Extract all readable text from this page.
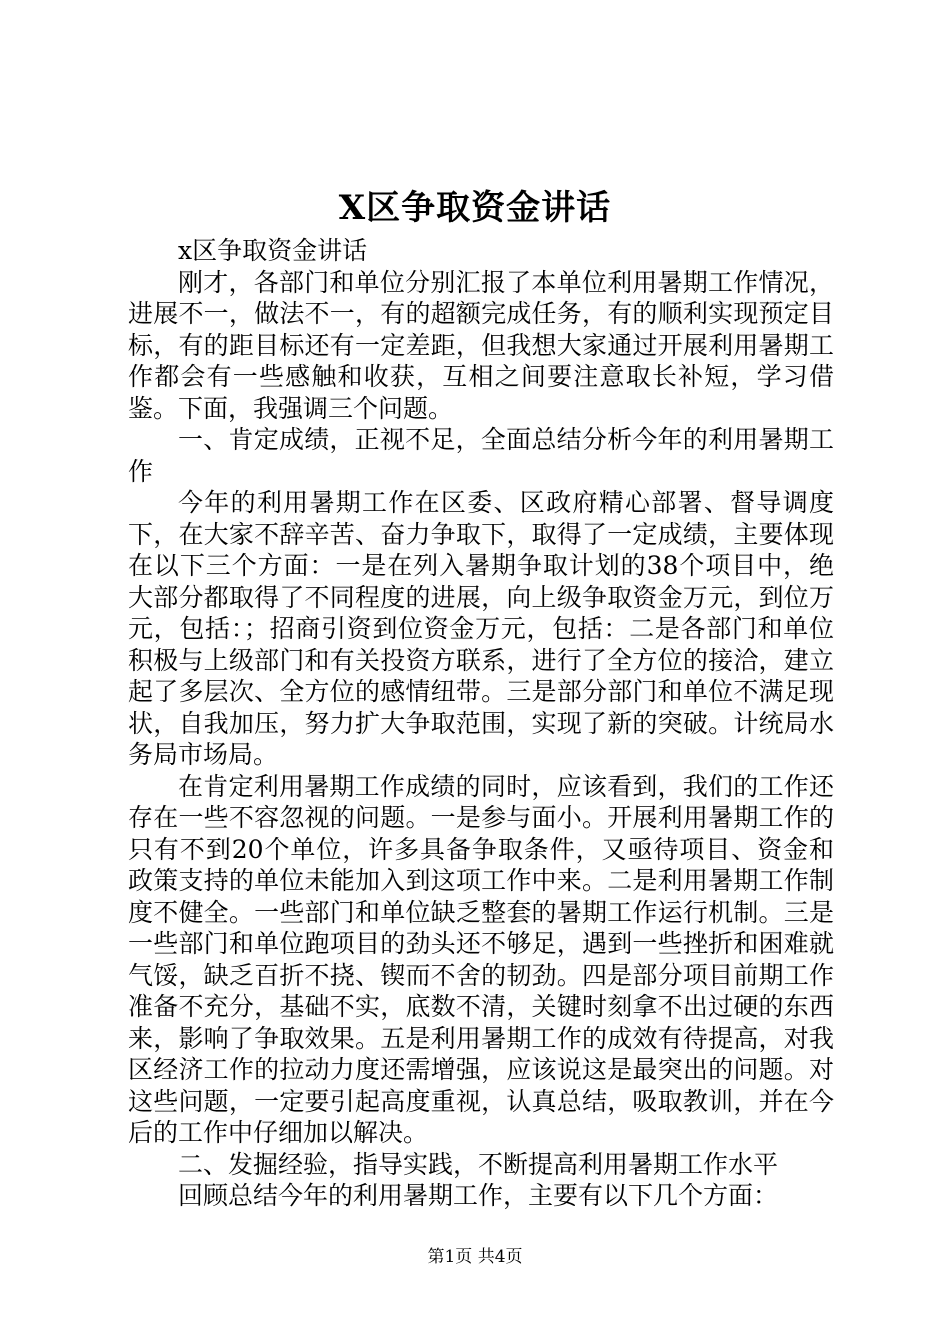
X区争取资金讲话

x区争取资金讲话

刚才，各部门和单位分别汇报了本单位利用暑期工作情况，进展不一，做法不一，有的超额完成任务，有的顺利实现预定目标，有的距目标还有一定差距，但我想大家通过开展利用暑期工作都会有一些感触和收获，互相之间要注意取长补短，学习借鉴。下面，我强调三个问题。

一、肯定成绩，正视不足，全面总结分析今年的利用暑期工作

今年的利用暑期工作在区委、区政府精心部署、督导调度下，在大家不辞辛苦、奋力争取下，取得了一定成绩，主要体现在以下三个方面：一是在列入暑期争取计划的38个项目中，绝大部分都取得了不同程度的进展，向上级争取资金万元，到位万元，包括：；招商引资到位资金万元，包括：二是各部门和单位积极与上级部门和有关投资方联系，进行了全方位的接洽，建立起了多层次、全方位的感情纽带。三是部分部门和单位不满足现状，自我加压，努力扩大争取范围，实现了新的突破。计统局水务局市场局。

在肯定利用暑期工作成绩的同时，应该看到，我们的工作还存在一些不容忽视的问题。一是参与面小。开展利用暑期工作的只有不到20个单位，许多具备争取条件，又亟待项目、资金和政策支持的单位未能加入到这项工作中来。二是利用暑期工作制度不健全。一些部门和单位缺乏整套的暑期工作运行机制。三是一些部门和单位跑项目的劲头还不够足，遇到一些挫折和困难就气馁，缺乏百折不挠、锲而不舍的韧劲。四是部分项目前期工作准备不充分，基础不实，底数不清，关键时刻拿不出过硬的东西来，影响了争取效果。五是利用暑期工作的成效有待提高，对我区经济工作的拉动力度还需增强，应该说这是最突出的问题。对这些问题，一定要引起高度重视，认真总结，吸取教训，并在今后的工作中仔细加以解决。

二、发掘经验，指导实践，不断提高利用暑期工作水平

回顾总结今年的利用暑期工作，主要有以下几个方面：

第1页 共4页
